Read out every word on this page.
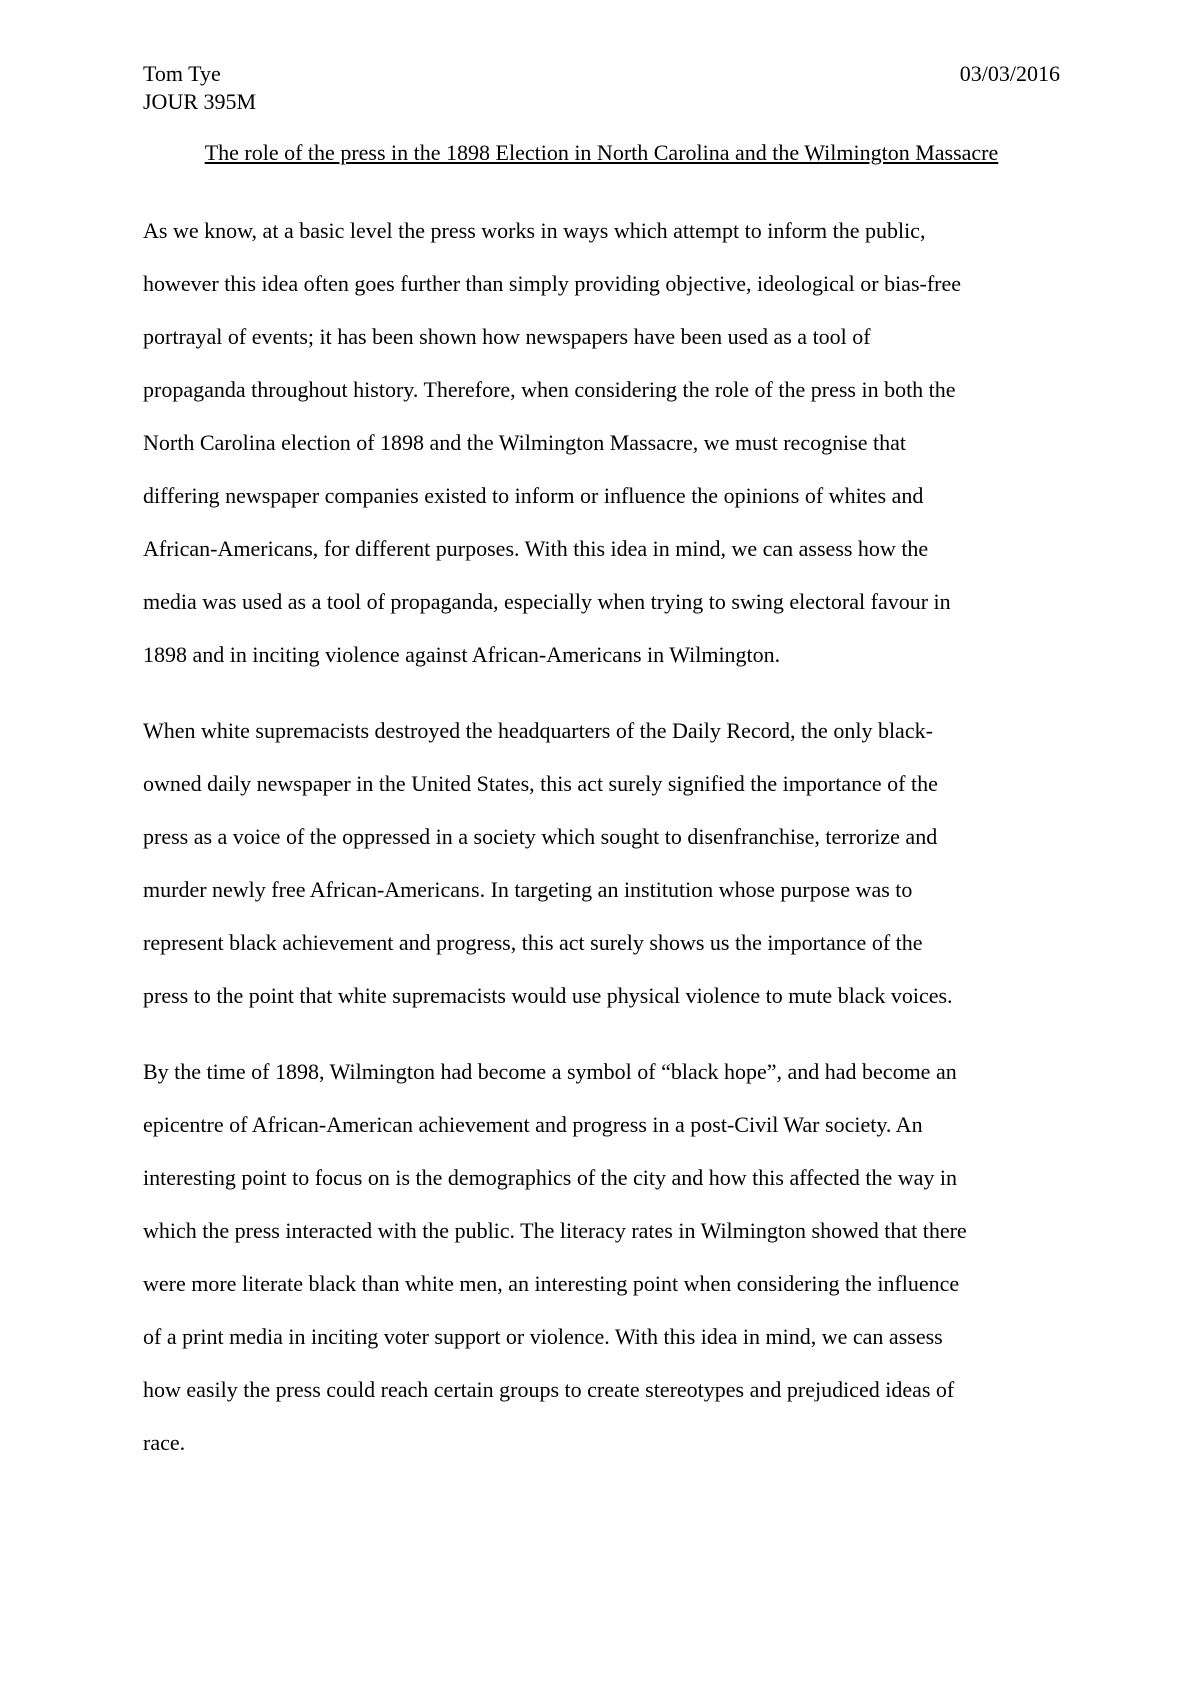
Tom Tye	03/03/2016
JOUR 395M
The role of the press in the 1898 Election in North Carolina and the Wilmington Massacre

As we know, at a basic level the press works in ways which attempt to inform the public,
however this idea often goes further than simply providing objective, ideological or bias-free
portrayal of events; it has been shown how newspapers have been used as a tool of
propaganda throughout history. Therefore, when considering the role of the press in both the
North Carolina election of 1898 and the Wilmington Massacre, we must recognise that
differing newspaper companies existed to inform or influence the opinions of whites and
African-Americans, for different purposes. With this idea in mind, we can assess how the
media was used as a tool of propaganda, especially when trying to swing electoral favour in
1898 and in inciting violence against African-Americans in Wilmington.

When white supremacists destroyed the headquarters of the Daily Record, the only black-
owned daily newspaper in the United States, this act surely signified the importance of the
press as a voice of the oppressed in a society which sought to disenfranchise, terrorize and
murder newly free African-Americans. In targeting an institution whose purpose was to
represent black achievement and progress, this act surely shows us the importance of the
press to the point that white supremacists would use physical violence to mute black voices.

By the time of 1898, Wilmington had become a symbol of “black hope”, and had become an
epicentre of African-American achievement and progress in a post-Civil War society. An
interesting point to focus on is the demographics of the city and how this affected the way in
which the press interacted with the public. The literacy rates in Wilmington showed that there
were more literate black than white men, an interesting point when considering the influence
of a print media in inciting voter support or violence. With this idea in mind, we can assess
how easily the press could reach certain groups to create stereotypes and prejudiced ideas of
race.
